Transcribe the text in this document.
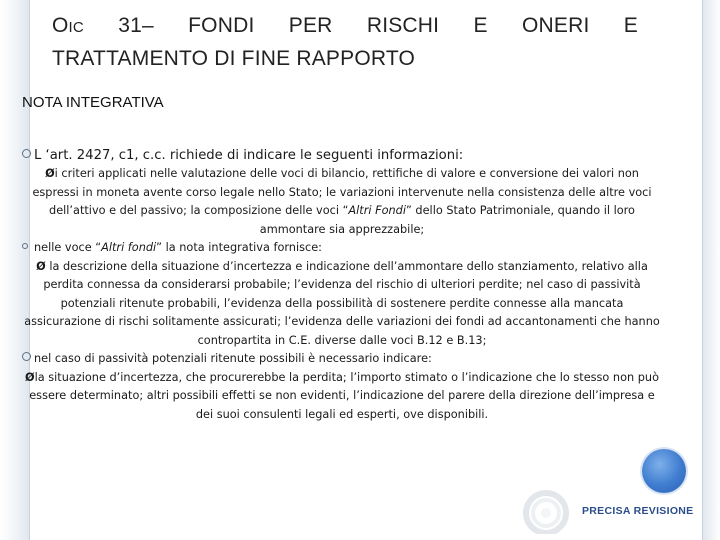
OIC 31– FONDI PER RISCHI E ONERI E
TRATTAMENTO DI FINE RAPPORTO
NOTA INTEGRATIVA

L ‘art. 2427, c1, c.c. richiede di indicare le seguenti informazioni:

Øi criteri applicati nelle valutazione delle voci di bilancio, rettifiche di valore e conversione dei valori non espressi in moneta avente corso legale nello Stato; le variazioni intervenute nella consistenza delle altre voci dell’attivo e del passivo; la composizione delle voci “Altri Fondi” dello Stato Patrimoniale, quando il loro ammontare sia apprezzabile;

nelle voce “Altri fondi” la nota integrativa fornisce:

Ø la descrizione della situazione d’incertezza e indicazione dell’ammontare dello stanziamento, relativo alla perdita connessa da considerarsi probabile; l’evidenza del rischio di ulteriori perdite; nel caso di passività potenziali ritenute probabili, l’evidenza della possibilità di sostenere perdite connesse alla mancata assicurazione di rischi solitamente assicurati; l’evidenza delle variazioni dei fondi ad accantonamenti che hanno contropartita in C.E. diverse dalle voci B.12 e B.13;

nel caso di passività potenziali ritenute possibili è necessario indicare:

Øla situazione d’incertezza, che procurerebbe la perdita; l’importo stimato o l’indicazione che lo stesso non può essere determinato; altri possibili effetti se non evidenti, l’indicazione del parere della direzione dell’impresa e dei suoi consulenti legali ed esperti, ove disponibili.

PRECISA REVISIONE
